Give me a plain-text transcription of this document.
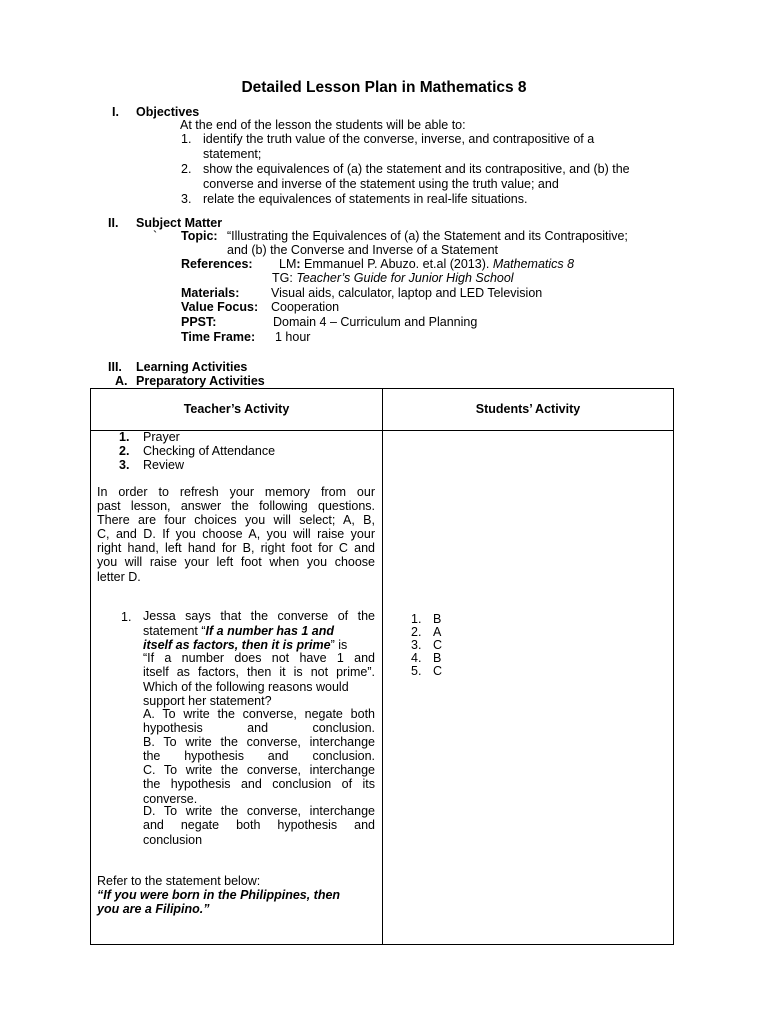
Detailed Lesson Plan in Mathematics 8
I. Objectives
At the end of the lesson the students will be able to:
1. identify the truth value of the converse, inverse, and contrapositive of a
statement;
2. show the equivalences of (a) the statement and its contrapositive, and (b) the
converse and inverse of the statement using the truth value; and
3. relate the equivalences of statements in real-life situations.
II. Subject Matter
` Topic: “Illustrating the Equivalences of (a) the Statement and its Contrapositive;
and (b) the Converse and Inverse of a Statement
References: LM: Emmanuel P. Abuzo. et.al (2013). Mathematics 8
TG: Teacher’s Guide for Junior High School
Materials:	Visual aids, calculator, laptop and LED Television
Value Focus: Cooperation
PPST:	Domain 4 – Curriculum and Planning
Time Frame: 1 hour
III. Learning Activities
A. Preparatory Activities
Teacher’s Activity	Students’ Activity
1. Prayer
2. Checking of Attendance
3. Review
In order to refresh your memory from our
past lesson, answer the following questions.
There are four choices you will select; A, B,
C, and D. If you choose A, you will raise your
right hand, left hand for B, right foot for C and
you will raise your left foot when you choose
letter D.
1. Jessa says that the converse of the
statement “If a number has 1 and
itself as factors, then it is prime” is
“If a number does not have 1 and
itself as factors, then it is not prime”.
Which of the following reasons would
support her statement?
A. To write the converse, negate both
hypothesis and conclusion.
B. To write the converse, interchange
the hypothesis and conclusion.
C. To write the converse, interchange
the hypothesis and conclusion of its
converse.
D. To write the converse, interchange
and negate both hypothesis and
conclusion
Refer to the statement below:
“If you were born in the Philippines, then
you are a Filipino.”
1. B
2. A
3. C
4. B
5. C
